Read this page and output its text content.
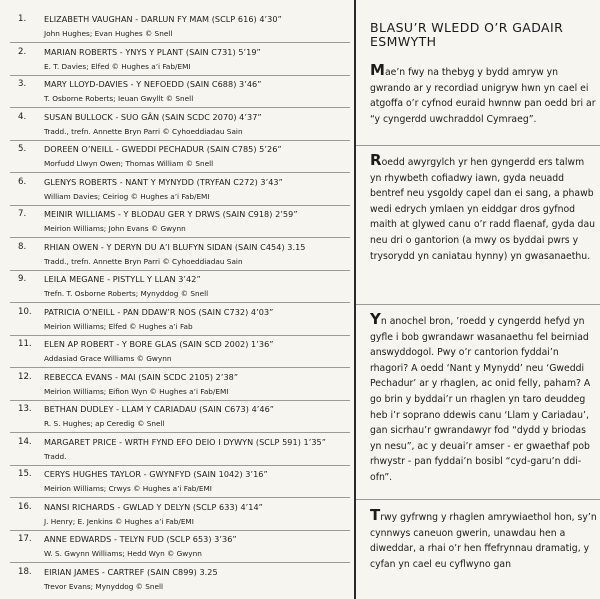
1. ELIZABETH VAUGHAN - DARLUN FY MAM (SCLP 616) 4’30”
John Hughes; Evan Hughes © Snell
2. MARIAN ROBERTS - YNYS Y PLANT (SAIN C731) 5’19”
E. T. Davies; Elfed © Hughes a’i Fab/EMI
3. MARY LLOYD-DAVIES - Y NEFOEDD (SAIN C688) 3’46”
T. Osborne Roberts; Ieuan Gwyllt © Snell
4. SUSAN BULLOCK - SUO GÂN (SAIN SCDC 2070) 4’37”
Tradd., trefn. Annette Bryn Parri © Cyhoeddiadau Sain
5. DOREEN O’NEILL - GWEDDI PECHADUR (SAIN C785) 5’26”
Morfudd Llwyn Owen; Thomas William © Snell
6. GLENYS ROBERTS - NANT Y MYNYDD (TRYFAN C272) 3’43”
William Davies; Ceiriog © Hughes a’i Fab/EMI
7. MEINIR WILLIAMS - Y BLODAU GER Y DRWS (SAIN C918) 2’59”
Meirion Williams; John Evans © Gwynn
8. RHIAN OWEN - Y DERYN DU A’I BLUFYN SIDAN (SAIN C454) 3.15
Tradd., trefn. Annette Bryn Parri © Cyhoeddiadau Sain
9. LEILA MEGANE - PISTYLL Y LLAN 3’42”
Trefn. T. Osborne Roberts; Mynyddog © Snell
10. PATRICIA O’NEILL - PAN DDAW’R NOS (SAIN C732) 4’03”
Meirion Williams; Elfed © Hughes a’i Fab
11. ELEN AP ROBERT - Y BORE GLAS (SAIN SCD 2002) 1’36”
Addasiad Grace Williams © Gwynn
12. REBECCA EVANS - MAI (SAIN SCDC 2105) 2’38”
Meirion Williams; Eifion Wyn © Hughes a’i Fab/EMI
13. BETHAN DUDLEY - LLAM Y CARIADAU (SAIN C673) 4’46”
R. S. Hughes; ap Ceredig © Snell
14. MARGARET PRICE - WRTH FYND EFO DEIO I DYWYN (SCLP 591) 1’35”
Tradd.
15. CERYS HUGHES TAYLOR - GWYNFYD (SAIN 1042) 3’16”
Meirion Williams; Crwys © Hughes a’i Fab/EMI
16. NANSI RICHARDS - GWLAD Y DELYN (SCLP 633) 4’14”
J. Henry; E. Jenkins © Hughes a’i Fab/EMI
17. ANNE EDWARDS - TELYN FUD (SCLP 653) 3’36”
W. S. Gwynn Williams; Hedd Wyn © Gwynn
18. EIRIAN JAMES - CARTREF (SAIN C899) 3.25
Trevor Evans; Mynyddog © Snell
BLASU’R WLEDD O’R GADAIR ESMWYTH
Mae’n fwy na thebyg y bydd amryw yn gwrando ar y recordiad unigryw hwn yn cael ei atgoffa o’r cyfnod euraid hwnnw pan oedd bri ar “y cyngerdd uwchraddol Cymraeg”.
Roedd awyrgylch yr hen gyngerdd ers talwm yn rhywbeth cofiadwy iawn, gyda neuadd bentref neu ysgoldy capel dan ei sang, a phawb wedi edrych ymlaen yn eiddgar dros gyfnod maith at glywed canu o’r radd flaenaf, gyda dau neu dri o gantorion (a mwy os byddai pwrs y trysorydd yn caniatau hynny) yn gwasanaethu.
Yn anochel bron, ’roedd y cyngerdd hefyd yn gyfle i bob gwrandawr wasanaethu fel beirniad answyddogol. Pwy o’r cantorion fyddai’n rhagori? A oedd ‘Nant y Mynydd’ neu ‘Gweddi Pechadur’ ar y rhaglen, ac onid felly, paham? A go brin y byddai’r un rhaglen yn taro deuddeg heb i’r soprano ddewis canu ‘Llam y Cariadau’, gan sicrhau’r gwrandawyr fod “dydd y briodas yn nesu”, ac y deuai’r amser - er gwaethaf pob rhwystr - pan fyddai’n bosibl “cyd-garu’n ddi-ofn”.
Trwy gyfrwng y rhaglen amrywiaethol hon, sy’n cynnwys caneuon gwerin, unawdau hen a diweddar, a rhai o’r hen ffefrynnau dramatig, y cyfan yn cael eu cyflwyno gan
